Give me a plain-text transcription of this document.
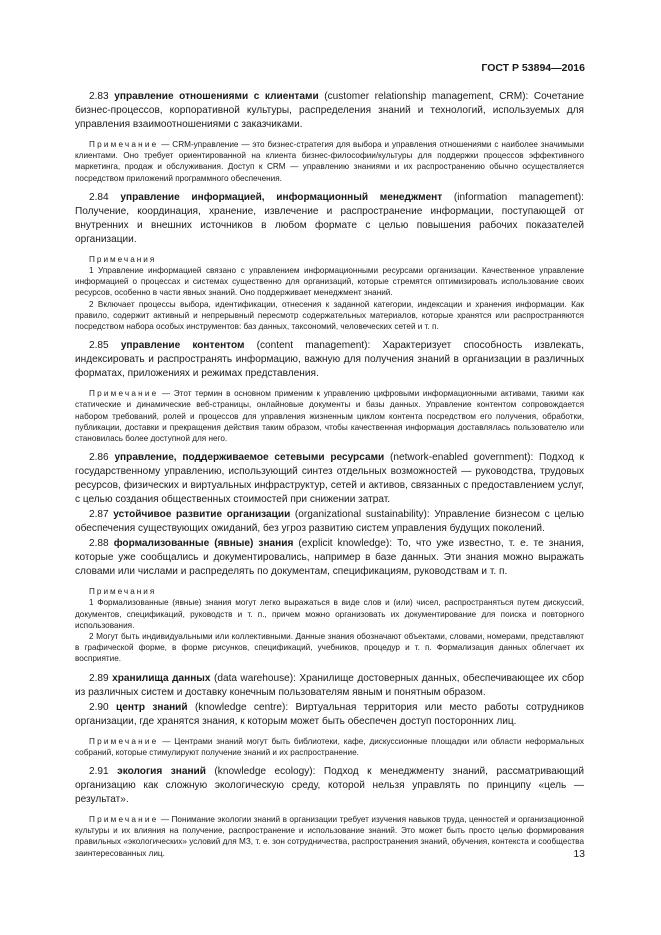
ГОСТ Р 53894—2016

2.83 управление отношениями с клиентами (customer relationship management, CRM): Сочетание бизнес-процессов, корпоративной культуры, распределения знаний и технологий, используемых для управления взаимоотношениями с заказчиками.

Примечание — CRM-управление — это бизнес-стратегия для выбора и управления отношениями с наиболее значимыми клиентами. Оно требует ориентированной на клиента бизнес-философии/культуры для поддержки процессов эффективного маркетинга, продаж и обслуживания. Доступ к CRM — управлению знаниями и их распространению обычно осуществляется посредством приложений программного обеспечения.

2.84 управление информацией, информационный менеджмент (information management): Получение, координация, хранение, извлечение и распространение информации, поступающей от внутренних и внешних источников в любом формате с целью повышения рабочих показателей организации.

Примечания

1 Управление информацией связано с управлением информационными ресурсами организации. Качественное управление информацией о процессах и системах существенно для организаций, которые стремятся оптимизировать использование своих ресурсов, особенно в части явных знаний. Оно поддерживает менеджмент знаний.

2 Включает процессы выбора, идентификации, отнесения к заданной категории, индексации и хранения информации. Как правило, содержит активный и непрерывный пересмотр содержательных материалов, которые хранятся или распространяются посредством набора особых инструментов: баз данных, таксономий, человеческих сетей и т. п.

2.85 управление контентом (content management): Характеризует способность извлекать, индексировать и распространять информацию, важную для получения знаний в организации в различных форматах, приложениях и режимах представления.

Примечание — Этот термин в основном применим к управлению цифровыми информационными активами, такими как статические и динамические веб-страницы, онлайновые документы и базы данных. Управление контентом сопровождается набором требований, ролей и процессов для управления жизненным циклом контента посредством его получения, обработки, публикации, доставки и прекращения действия таким образом, чтобы качественная информация доставлялась пользователю или становилась более доступной для него.

2.86 управление, поддерживаемое сетевыми ресурсами (network-enabled government): Подход к государственному управлению, использующий синтез отдельных возможностей — руководства, трудовых ресурсов, физических и виртуальных инфраструктур, сетей и активов, связанных с предоставлением услуг, с целью создания общественных стоимостей при снижении затрат.

2.87 устойчивое развитие организации (organizational sustainability): Управление бизнесом с целью обеспечения существующих ожиданий, без угроз развитию систем управления будущих поколений.

2.88 формализованные (явные) знания (explicit knowledge): То, что уже известно, т. е. те знания, которые уже сообщались и документировались, например в базе данных. Эти знания можно выражать словами или числами и распределять по документам, спецификациям, руководствам и т. п.

Примечания

1 Формализованные (явные) знания могут легко выражаться в виде слов и (или) чисел, распространяться путем дискуссий, документов, спецификаций, руководств и т. п., причем можно организовать их документирование для поиска и повторного использования.

2 Могут быть индивидуальными или коллективными. Данные знания обозначают объектами, словами, номерами, представляют в графической форме, в форме рисунков, спецификаций, учебников, процедур и т. п. Формализация данных облегчает их восприятие.

2.89 хранилища данных (data warehouse): Хранилище достоверных данных, обеспечивающее их сбор из различных систем и доставку конечным пользователям явным и понятным образом.

2.90 центр знаний (knowledge centre): Виртуальная территория или место работы сотрудников организации, где хранятся знания, к которым может быть обеспечен доступ посторонних лиц.

Примечание — Центрами знаний могут быть библиотеки, кафе, дискуссионные площадки или области неформальных собраний, которые стимулируют получение знаний и их распространение.

2.91 экология знаний (knowledge ecology): Подход к менеджменту знаний, рассматривающий организацию как сложную экологическую среду, которой нельзя управлять по принципу «цель — результат».

Примечание — Понимание экологии знаний в организации требует изучения навыков труда, ценностей и организационной культуры и их влияния на получение, распространение и использование знаний. Это может быть просто целью формирования правильных «экологических» условий для МЗ, т. е. зон сотрудничества, распространения знаний, обучения, контекста и сообщества заинтересованных лиц.	13
